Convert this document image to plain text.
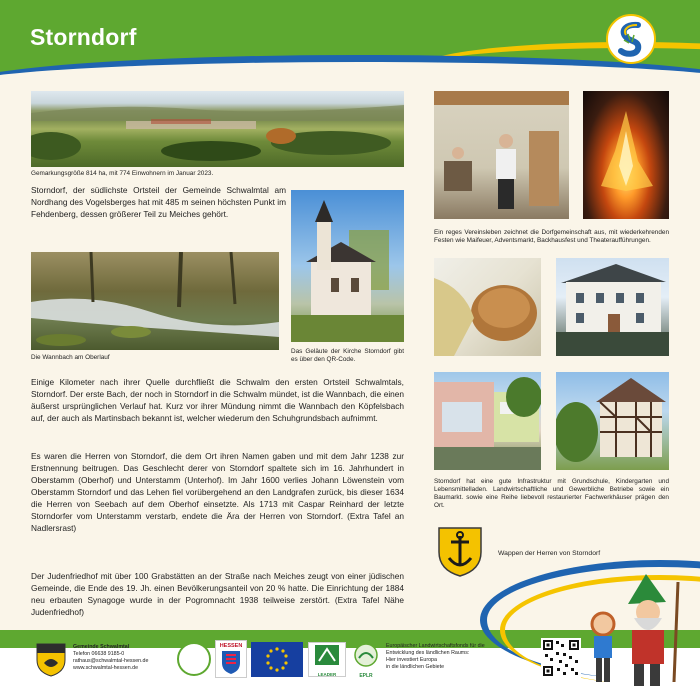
Storndorf
Gemarkungsgröße 814 ha, mit 774 Einwohnern im Januar 2023.
Storndorf, der südlichste Ortsteil der Gemeinde Schwalmtal am Nordhang des Vogelsberges hat mit 485 m seinen höchsten Punkt im Fehdenberg, dessen größerer Teil zu Meiches gehört.
Die Wannbach am Oberlauf
Das Geläute der Kirche Storndorf gibt es über den QR-Code.
Einige Kilometer nach ihrer Quelle durchfließt die Schwalm den ersten Ortsteil Schwalmtals, Storndorf. Der erste Bach, der noch in Storndorf in die Schwalm mündet, ist die Wannbach, die einen äußerst ursprünglichen Verlauf hat. Kurz vor ihrer Mündung nimmt die Wannbach den Köpfelsbach auf, der auch als Martinsbach bekannt ist, welcher wiederum den Schuhgrundsbach aufnimmt.
Es waren die Herren von Storndorf, die dem Ort ihren Namen gaben und mit dem Jahr 1238 zur Erstnennung beitrugen. Das Geschlecht derer von Storndorf spaltete sich im 16. Jahrhundert in Oberstamm (Oberhof) und Unterstamm (Unterhof). Im Jahr 1600 verlies Johann Löwenstein vom Oberstamm Storndorf und das Lehen fiel vorübergehend an den Landgrafen zurück, bis dieser 1634 die Herren von Seebach auf dem Oberhof einsetzte. Als 1713 mit Caspar Reinhard der letzte Storndorfer vom Unterstamm verstarb, endete die Ära der Herren von Storndorf. (Extra Tafel an Nadlersrast)
Der Judenfriedhof mit über 100 Grabstätten an der Straße nach Meiches zeugt von einer jüdischen Gemeinde, die Ende des 19. Jh. einen Bevölkerungsanteil von 20 % hatte. Die Einrichtung der 1884 neu erbauten Synagoge wurde in der Pogromnacht 1938 teilweise zerstört. (Extra Tafel Nähe Judenfriedhof)
Ein reges Vereinsleben zeichnet die Dorfgemeinschaft aus, mit wiederkehrenden Festen wie Maifeuer, Adventsmarkt, Backhausfest und Theateraufführungen.
Storndorf hat eine gute Infrastruktur mit Grundschule, Kindergarten und Lebensmittelladen. Landwirtschaftliche und Gewerbliche Betriebe sowie ein Baumarkt. sowie eine Reihe liebevoll restaurierter Fachwerkhäuser prägen den Ort.
Wappen der Herren von Storndorf
Gemeinde Schwalmtal
Telefon 06638 9185-0
rathaus@schwalmtal-hessen.de
www.schwalmtal-hessen.de
HESSEN
LEADER	EPLR
Europäischer Landwirtschaftsfonds für die
Entwicklung des ländlichen Raums:
Hier investiert Europa
in die ländlichen Gebiete
